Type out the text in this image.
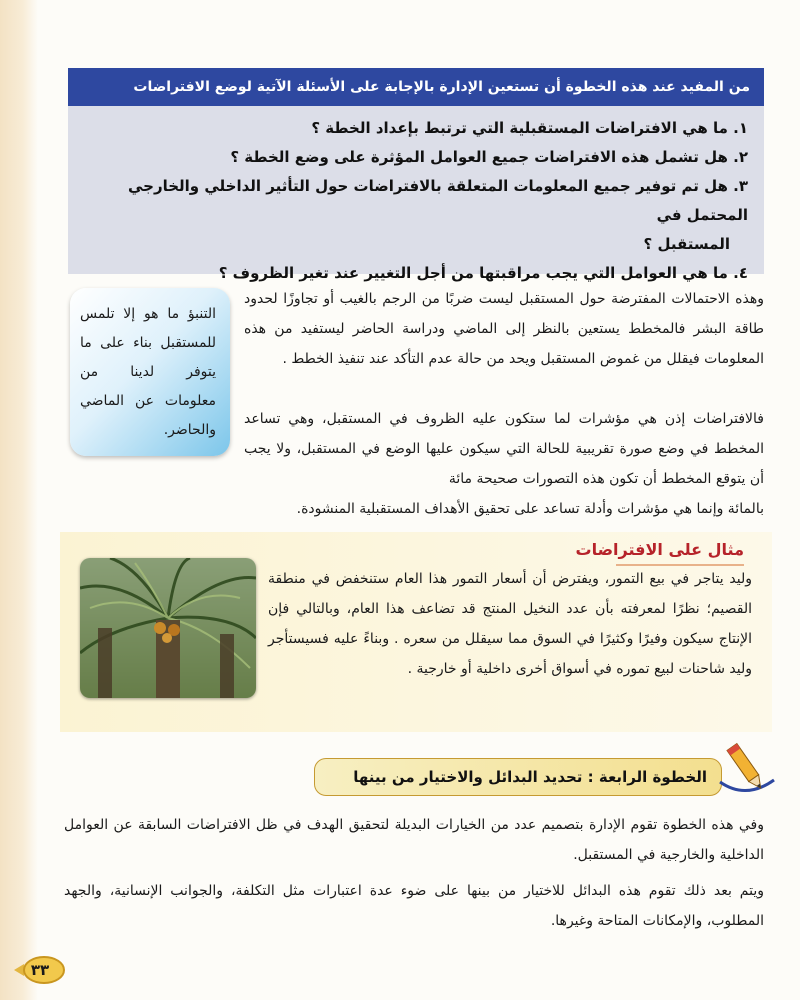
من المفيد عند هذه الخطوة أن تستعين الإدارة بالإجابة على الأسئلة الآتية لوضع الافتراضات
١. ما هي الافتراضات المستقبلية التي ترتبط بإعداد الخطة ؟
٢. هل تشمل هذه الافتراضات جميع العوامل المؤثرة على وضع الخطة ؟
٣. هل تم توفير جميع المعلومات المتعلقة بالافتراضات حول التأثير الداخلي والخارجي المحتمل في
المستقبل ؟
٤. ما هي العوامل التي يجب مراقبتها من أجل التغيير عند تغير الظروف ؟
التنبؤ ما هو إلا تلمس للمستقبل بناء على ما يتوفر لدينا من معلومات عن الماضي والحاضر.

وهذه الاحتمالات المفترضة حول المستقبل ليست ضربًا من الرجم بالغيب أو تجاوزًا لحدود طاقة البشر فالمخطط يستعين بالنظر إلى الماضي ودراسة الحاضر ليستفيد من هذه المعلومات فيقلل من غموض المستقبل ويحد من حالة عدم التأكد عند تنفيذ الخطط .

فالافتراضات إذن هي مؤشرات لما ستكون عليه الظروف في المستقبل، وهي تساعد المخطط في وضع صورة تقريبية للحالة التي سيكون عليها الوضع في المستقبل، ولا يجب أن يتوقع المخطط أن تكون هذه التصورات صحيحة مائة

بالمائة وإنما هي مؤشرات وأدلة تساعد على تحقيق الأهداف المستقبلية المنشودة.

مثال على الافتراضات
وليد يتاجر في بيع التمور، ويفترض أن أسعار التمور هذا العام ستنخفض في منطقة القصيم؛ نظرًا لمعرفته بأن عدد النخيل المنتج قد تضاعف هذا العام، وبالتالي فإن الإنتاج سيكون وفيرًا وكثيرًا في السوق مما سيقلل من سعره . وبناءً عليه فسيستأجر وليد شاحنات لبيع تموره في أسواق أخرى داخلية أو خارجية .
الخطوة الرابعة : تحديد البدائل والاختيار من بينها

وفي هذه الخطوة تقوم الإدارة بتصميم عدد من الخيارات البديلة لتحقيق الهدف في ظل الافتراضات السابقة عن العوامل الداخلية والخارجية في المستقبل.

ويتم بعد ذلك تقوم هذه البدائل للاختيار من بينها على ضوء عدة اعتبارات مثل التكلفة، والجوانب الإنسانية، والجهد المطلوب، والإمكانات المتاحة وغيرها.

٣٣
